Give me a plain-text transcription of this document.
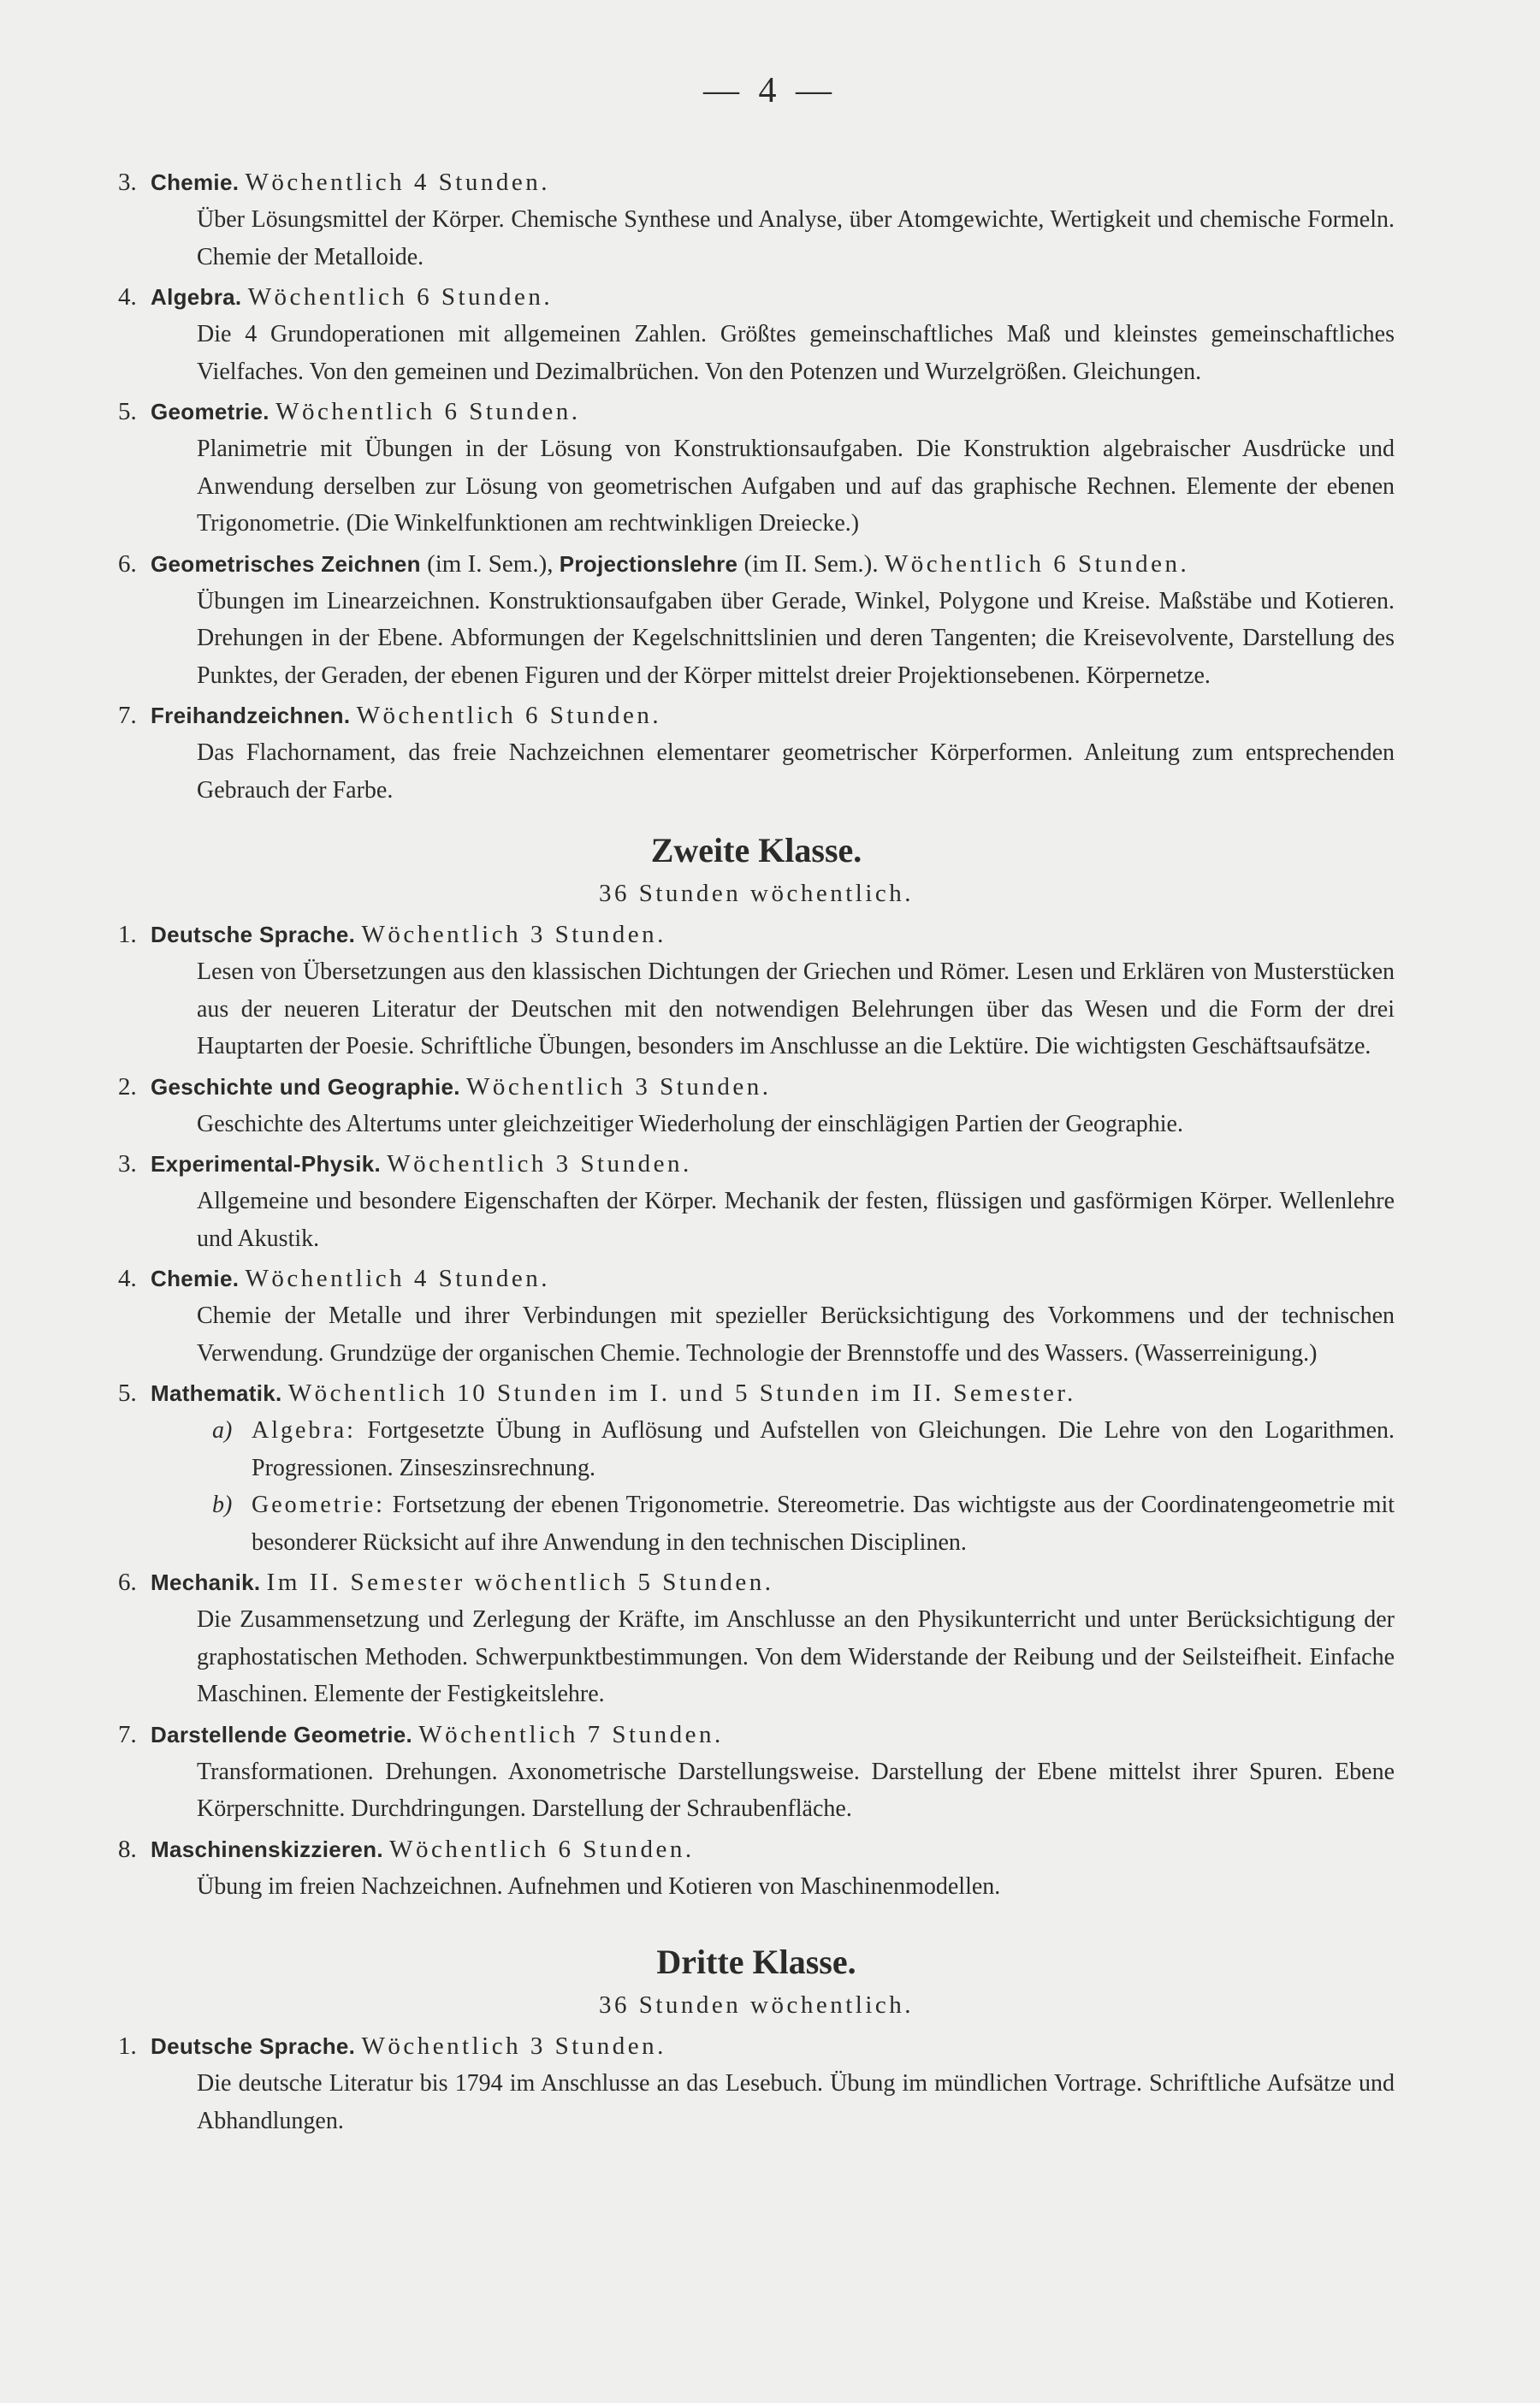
— 4 —
3. Chemie. Wöchentlich 4 Stunden.
Über Lösungsmittel der Körper. Chemische Synthese und Analyse, über Atomgewichte, Wertigkeit und chemische Formeln. Chemie der Metalloide.
4. Algebra. Wöchentlich 6 Stunden.
Die 4 Grundoperationen mit allgemeinen Zahlen. Größtes gemeinschaftliches Maß und kleinstes gemeinschaftliches Vielfaches. Von den gemeinen und Dezimalbrüchen. Von den Potenzen und Wurzelgrößen. Gleichungen.
5. Geometrie. Wöchentlich 6 Stunden.
Planimetrie mit Übungen in der Lösung von Konstruktionsaufgaben. Die Konstruktion algebraischer Ausdrücke und Anwendung derselben zur Lösung von geometrischen Aufgaben und auf das graphische Rechnen. Elemente der ebenen Trigonometrie. (Die Winkelfunktionen am rechtwinkligen Dreiecke.)
6. Geometrisches Zeichnen (im I. Sem.), Projectionslehre (im II. Sem.). Wöchentlich 6 Stunden.
Übungen im Linearzeichnen. Konstruktionsaufgaben über Gerade, Winkel, Polygone und Kreise. Maßstäbe und Kotieren. Drehungen in der Ebene. Abformungen der Kegelschnittslinien und deren Tangenten; die Kreisevolvente, Darstellung des Punktes, der Geraden, der ebenen Figuren und der Körper mittelst dreier Projektionsebenen. Körpernetze.
7. Freihandzeichnen. Wöchentlich 6 Stunden.
Das Flachornament, das freie Nachzeichnen elementarer geometrischer Körperformen. Anleitung zum entsprechenden Gebrauch der Farbe.
Zweite Klasse.
36 Stunden wöchentlich.
1. Deutsche Sprache. Wöchentlich 3 Stunden.
Lesen von Übersetzungen aus den klassischen Dichtungen der Griechen und Römer. Lesen und Erklären von Musterstücken aus der neueren Literatur der Deutschen mit den notwendigen Belehrungen über das Wesen und die Form der drei Hauptarten der Poesie. Schriftliche Übungen, besonders im Anschlusse an die Lektüre. Die wichtigsten Geschäftsaufsätze.
2. Geschichte und Geographie. Wöchentlich 3 Stunden.
Geschichte des Altertums unter gleichzeitiger Wiederholung der einschlägigen Partien der Geographie.
3. Experimental-Physik. Wöchentlich 3 Stunden.
Allgemeine und besondere Eigenschaften der Körper. Mechanik der festen, flüssigen und gasförmigen Körper. Wellenlehre und Akustik.
4. Chemie. Wöchentlich 4 Stunden.
Chemie der Metalle und ihrer Verbindungen mit spezieller Berücksichtigung des Vorkommens und der technischen Verwendung. Grundzüge der organischen Chemie. Technologie der Brennstoffe und des Wassers. (Wasserreinigung.)
5. Mathematik. Wöchentlich 10 Stunden im I. und 5 Stunden im II. Semester.
a) Algebra: Fortgesetzte Übung in Auflösung und Aufstellen von Gleichungen. Die Lehre von den Logarithmen. Progressionen. Zinseszinsrechnung.
b) Geometrie: Fortsetzung der ebenen Trigonometrie. Stereometrie. Das wichtigste aus der Coordinatengeometrie mit besonderer Rücksicht auf ihre Anwendung in den technischen Disciplinen.
6. Mechanik. Im II. Semester wöchentlich 5 Stunden.
Die Zusammensetzung und Zerlegung der Kräfte, im Anschlusse an den Physikunterricht und unter Berücksichtigung der graphostatischen Methoden. Schwerpunktbestimmungen. Von dem Widerstande der Reibung und der Seilsteifheit. Einfache Maschinen. Elemente der Festigkeitslehre.
7. Darstellende Geometrie. Wöchentlich 7 Stunden.
Transformationen. Drehungen. Axonometrische Darstellungsweise. Darstellung der Ebene mittelst ihrer Spuren. Ebene Körperschnitte. Durchdringungen. Darstellung der Schraubenfläche.
8. Maschinenskizzieren. Wöchentlich 6 Stunden.
Übung im freien Nachzeichnen. Aufnehmen und Kotieren von Maschinenmodellen.
Dritte Klasse.
36 Stunden wöchentlich.
1. Deutsche Sprache. Wöchentlich 3 Stunden.
Die deutsche Literatur bis 1794 im Anschlusse an das Lesebuch. Übung im mündlichen Vortrage. Schriftliche Aufsätze und Abhandlungen.
